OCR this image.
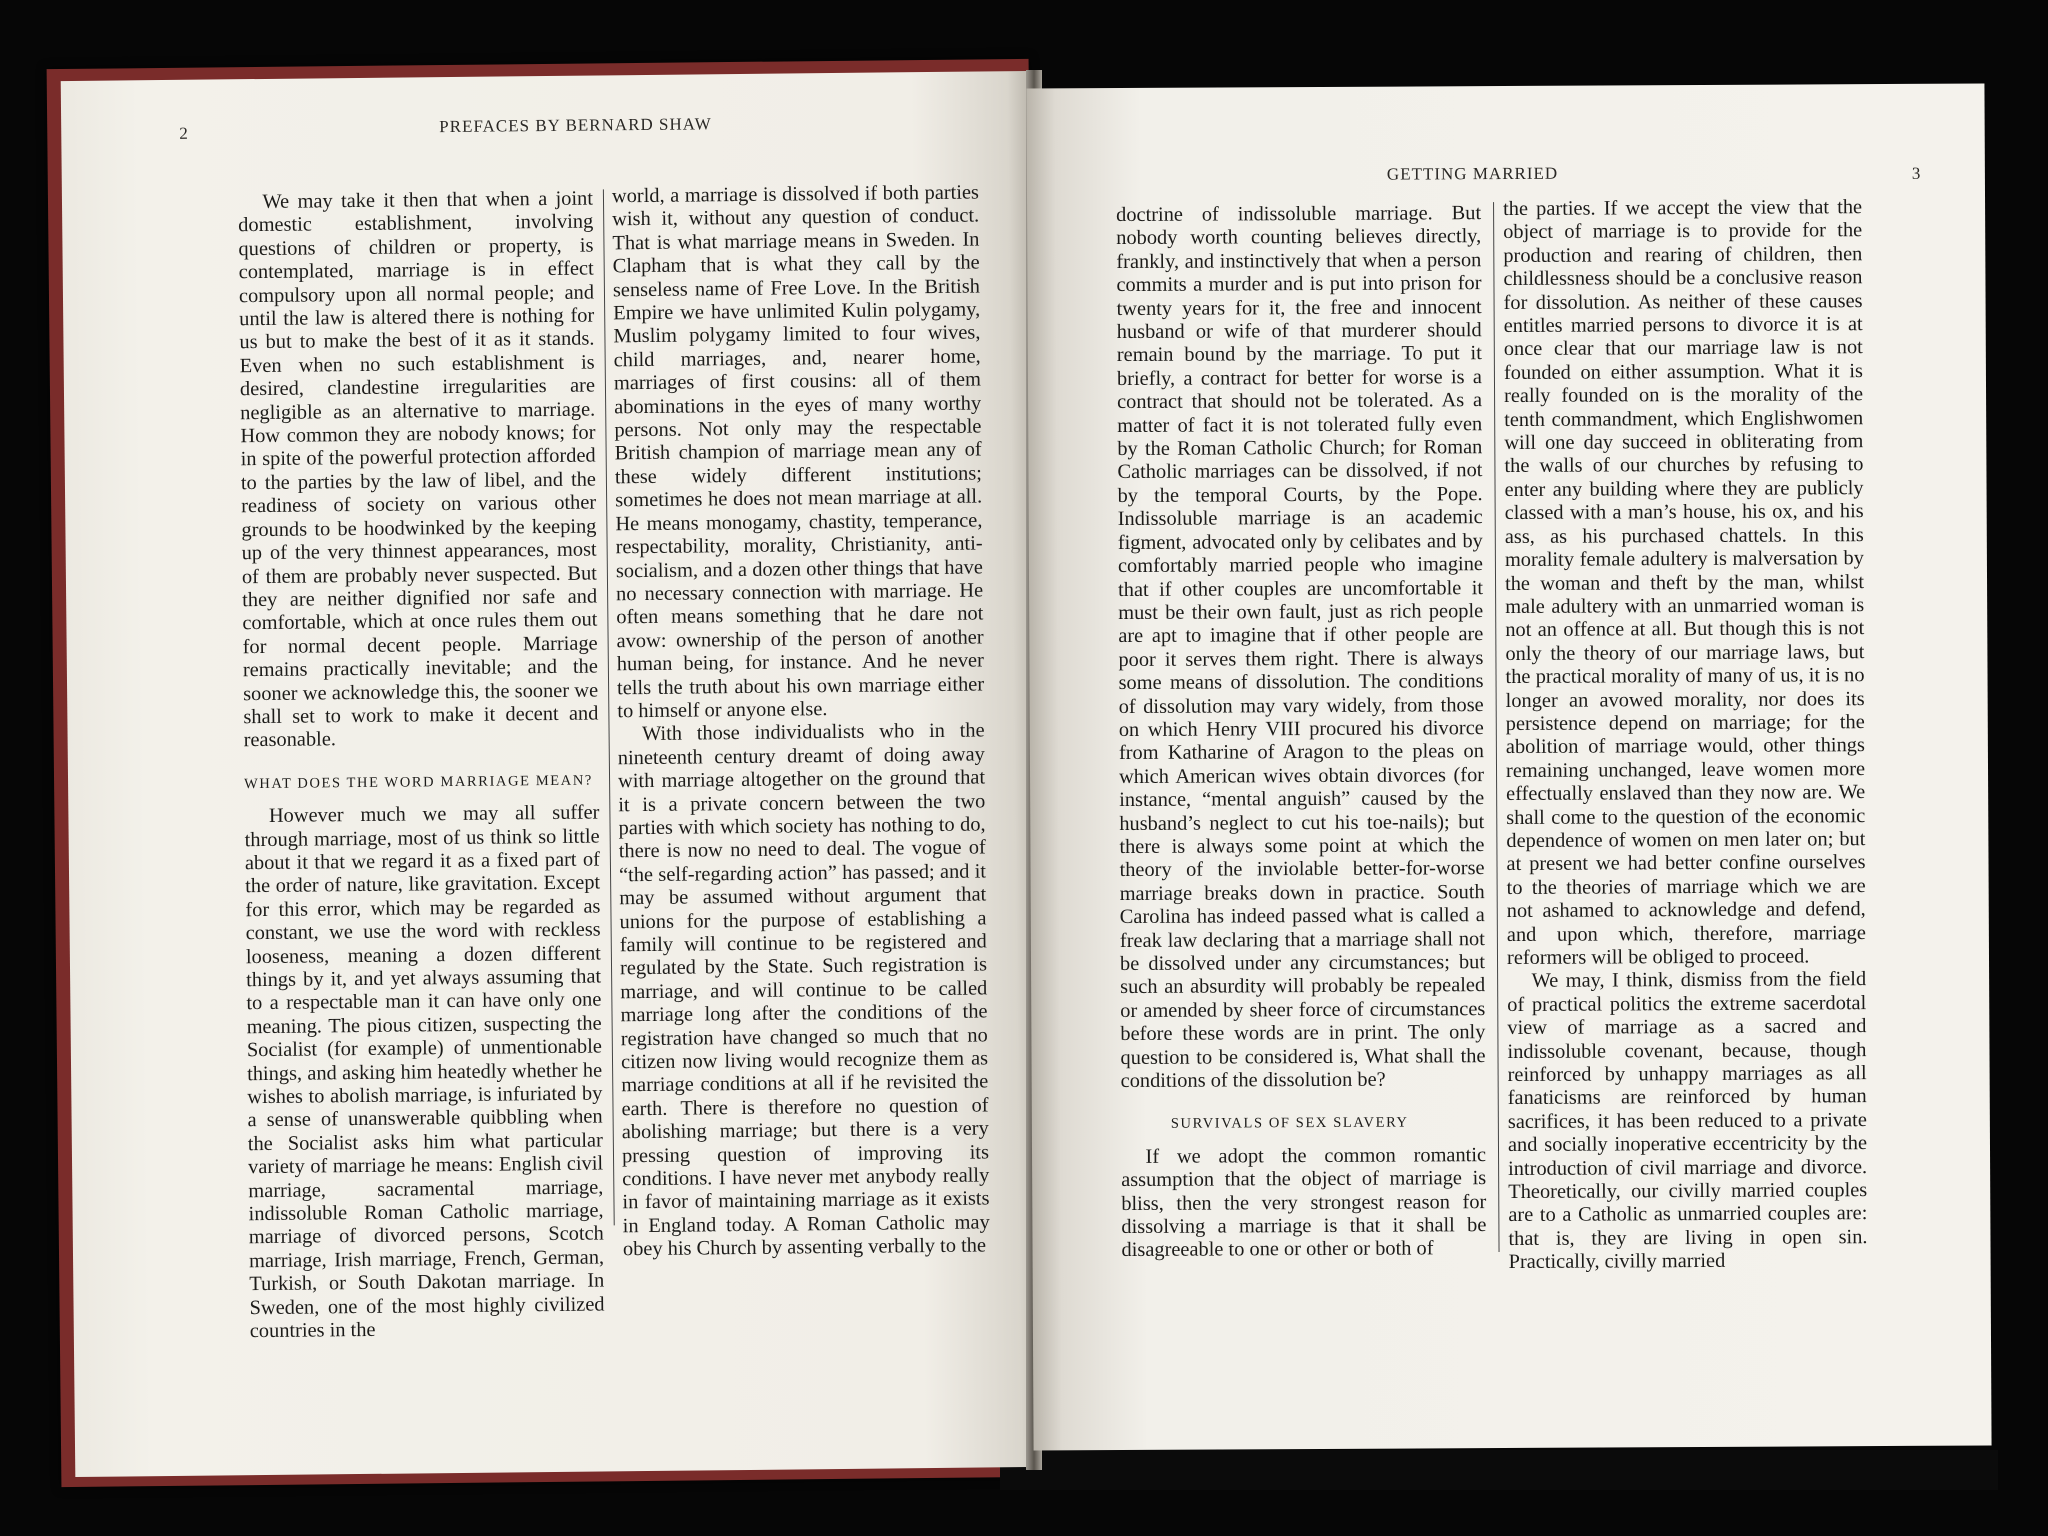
2	PREFACES BY BERNARD SHAW

We may take it then that when a joint domestic establishment, involving questions of children or property, is contemplated, marriage is in effect compulsory upon all normal people; and until the law is altered there is nothing for us but to make the best of it as it stands. Even when no such establishment is desired, clandestine irregularities are negligible as an alternative to marriage. How common they are nobody knows; for in spite of the powerful protection afforded to the parties by the law of libel, and the readiness of society on various other grounds to be hoodwinked by the keeping up of the very thinnest appearances, most of them are probably never suspected. But they are neither dignified nor safe and comfortable, which at once rules them out for normal decent people. Marriage remains practically inevitable; and the sooner we acknowledge this, the sooner we shall set to work to make it decent and reasonable.

WHAT DOES THE WORD MARRIAGE MEAN?

However much we may all suffer through marriage, most of us think so little about it that we regard it as a fixed part of the order of nature, like gravitation. Except for this error, which may be regarded as constant, we use the word with reckless looseness, meaning a dozen different things by it, and yet always assuming that to a respectable man it can have only one meaning. The pious citizen, suspecting the Socialist (for example) of unmentionable things, and asking him heatedly whether he wishes to abolish marriage, is infuriated by a sense of unanswerable quibbling when the Socialist asks him what particular variety of marriage he means: English civil marriage, sacramental marriage, indissoluble Roman Catholic marriage, marriage of divorced persons, Scotch marriage, Irish marriage, French, German, Turkish, or South Dakotan marriage. In Sweden, one of the most highly civilized countries in the

world, a marriage is dissolved if both parties wish it, without any question of conduct. That is what marriage means in Sweden. In Clapham that is what they call by the senseless name of Free Love. In the British Empire we have unlimited Kulin polygamy, Muslim polygamy limited to four wives, child marriages, and, nearer home, marriages of first cousins: all of them abominations in the eyes of many worthy persons. Not only may the respectable British champion of marriage mean any of these widely different institutions; sometimes he does not mean marriage at all. He means monogamy, chastity, temperance, respectability, morality, Christianity, anti-socialism, and a dozen other things that have no necessary connection with marriage. He often means something that he dare not avow: ownership of the person of another human being, for instance. And he never tells the truth about his own marriage either to himself or anyone else.

With those individualists who in the nineteenth century dreamt of doing away with marriage altogether on the ground that it is a private concern between the two parties with which society has nothing to do, there is now no need to deal. The vogue of “the self-regarding action” has passed; and it may be assumed without argument that unions for the purpose of establishing a family will continue to be registered and regulated by the State. Such registration is marriage, and will continue to be called marriage long after the conditions of the registration have changed so much that no citizen now living would recognize them as marriage conditions at all if he revisited the earth. There is therefore no question of abolishing marriage; but there is a very pressing question of improving its conditions. I have never met anybody really in favor of maintaining marriage as it exists in England today. A Roman Catholic may obey his Church by assenting verbally to the

GETTING MARRIED	3

doctrine of indissoluble marriage. But nobody worth counting believes directly, frankly, and instinctively that when a person commits a murder and is put into prison for twenty years for it, the free and innocent husband or wife of that murderer should remain bound by the marriage. To put it briefly, a contract for better for worse is a contract that should not be tolerated. As a matter of fact it is not tolerated fully even by the Roman Catholic Church; for Roman Catholic marriages can be dissolved, if not by the temporal Courts, by the Pope. Indissoluble marriage is an academic figment, advocated only by celibates and by comfortably married people who imagine that if other couples are uncomfortable it must be their own fault, just as rich people are apt to imagine that if other people are poor it serves them right. There is always some means of dissolution. The conditions of dissolution may vary widely, from those on which Henry VIII procured his divorce from Katharine of Aragon to the pleas on which American wives obtain divorces (for instance, “mental anguish” caused by the husband’s neglect to cut his toe-nails); but there is always some point at which the theory of the inviolable better-for-worse marriage breaks down in practice. South Carolina has indeed passed what is called a freak law declaring that a marriage shall not be dissolved under any circumstances; but such an absurdity will probably be repealed or amended by sheer force of circumstances before these words are in print. The only question to be considered is, What shall the conditions of the dissolution be?

SURVIVALS OF SEX SLAVERY

If we adopt the common romantic assumption that the object of marriage is bliss, then the very strongest reason for dissolving a marriage is that it shall be disagreeable to one or other or both of

the parties. If we accept the view that the object of marriage is to provide for the production and rearing of children, then childlessness should be a conclusive reason for dissolution. As neither of these causes entitles married persons to divorce it is at once clear that our marriage law is not founded on either assumption. What it is really founded on is the morality of the tenth commandment, which Englishwomen will one day succeed in obliterating from the walls of our churches by refusing to enter any building where they are publicly classed with a man’s house, his ox, and his ass, as his purchased chattels. In this morality female adultery is malversation by the woman and theft by the man, whilst male adultery with an unmarried woman is not an offence at all. But though this is not only the theory of our marriage laws, but the practical morality of many of us, it is no longer an avowed morality, nor does its persistence depend on marriage; for the abolition of marriage would, other things remaining unchanged, leave women more effectually enslaved than they now are. We shall come to the question of the economic dependence of women on men later on; but at present we had better confine ourselves to the theories of marriage which we are not ashamed to acknowledge and defend, and upon which, therefore, marriage reformers will be obliged to proceed.

We may, I think, dismiss from the field of practical politics the extreme sacerdotal view of marriage as a sacred and indissoluble covenant, because, though reinforced by unhappy marriages as all fanaticisms are reinforced by human sacrifices, it has been reduced to a private and socially inoperative eccentricity by the introduction of civil marriage and divorce. Theoretically, our civilly married couples are to a Catholic as unmarried couples are: that is, they are living in open sin. Practically, civilly married
